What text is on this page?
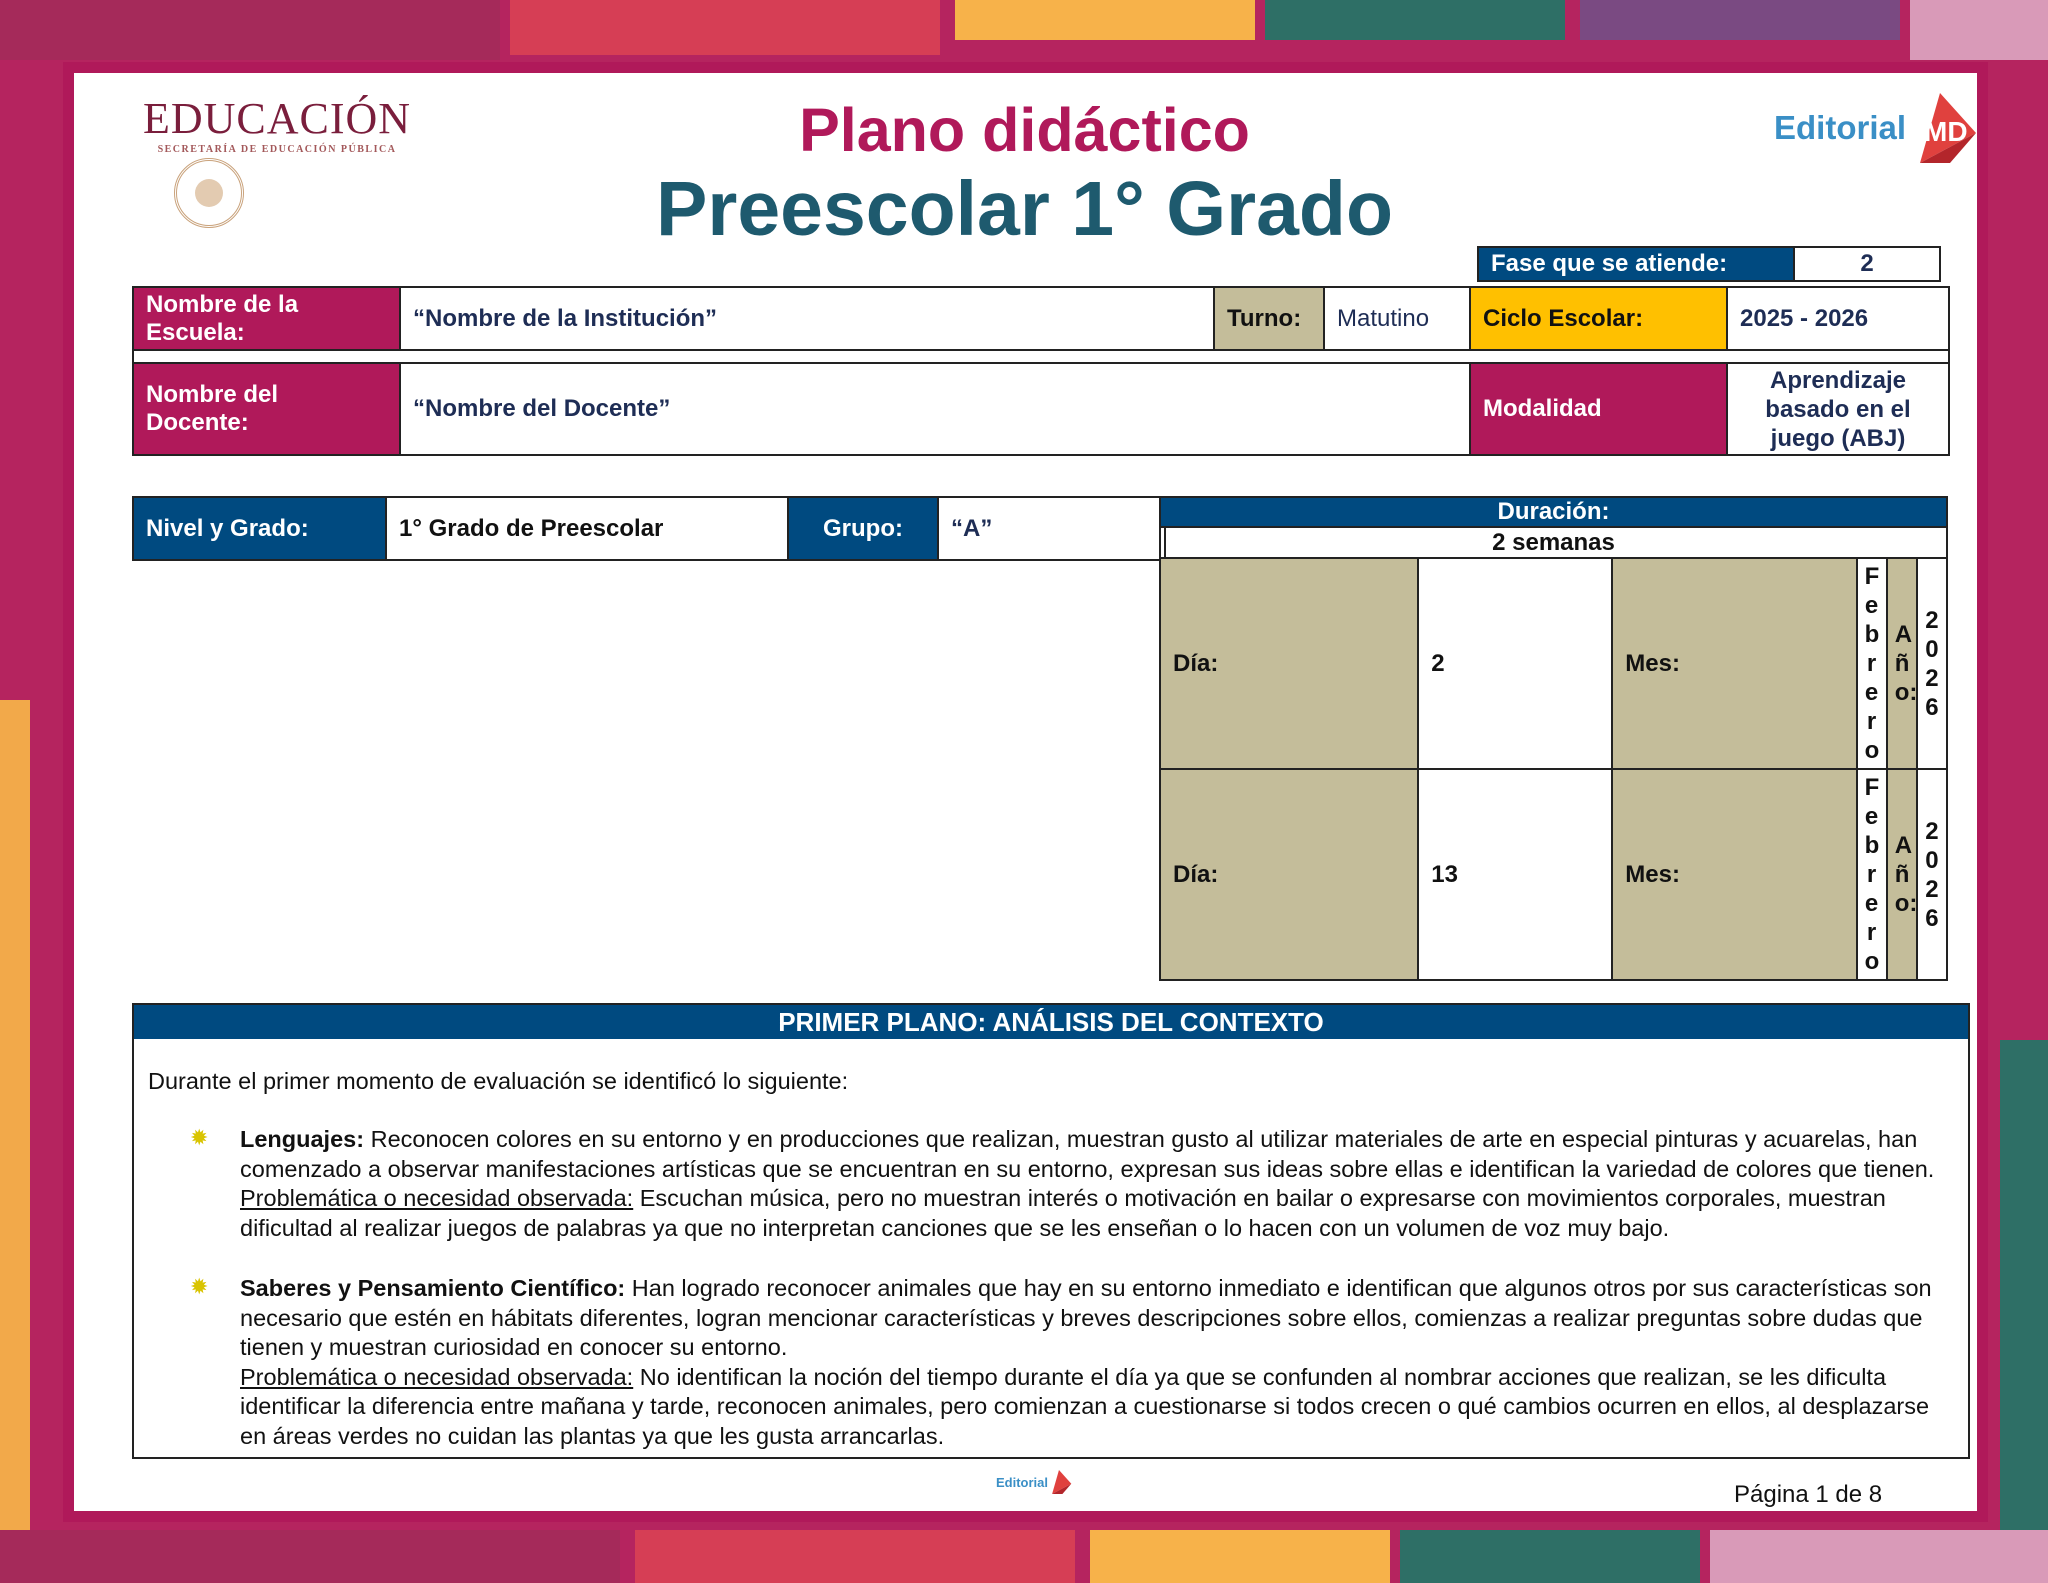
EDUCACIÓN
SECRETARÍA DE EDUCACIÓN PÚBLICA	Plano didáctico
Preescolar 1° Grado
Editorial MD
Fase que se atiende:	2
Nombre de la Escuela:	“Nombre de la Institución”	Turno:	Matutino	Ciclo Escolar:	2025 - 2026

Nombre del Docente:	“Nombre del Docente”			Modalidad	Aprendizaje basado en el juego (ABJ)
Nivel y Grado:	1° Grado de Preescolar	Grupo:	“A”
Duración:					
2 semanas					
Día:	2	Mes:	Febrero	Año:	2026

Día:	13	Mes:	Febrero	Año:	2026
PRIMER PLANO: ANÁLISIS DEL CONTEXTO
Durante el primer momento de evaluación se identificó lo siguiente:
✹ Lenguajes: Reconocen colores en su entorno y en producciones que realizan, muestran gusto al utilizar materiales de arte en especial pinturas y acuarelas, han comenzado a observar manifestaciones artísticas que se encuentran en su entorno, expresan sus ideas sobre ellas e identifican la variedad de colores que tienen.
Problemática o necesidad observada: Escuchan música, pero no muestran interés o motivación en bailar o expresarse con movimientos corporales, muestran dificultad al realizar juegos de palabras ya que no interpretan canciones que se les enseñan o lo hacen con un volumen de voz muy bajo.
✹ Saberes y Pensamiento Científico: Han logrado reconocer animales que hay en su entorno inmediato e identifican que algunos otros por sus características son necesario que estén en hábitats diferentes, logran mencionar características y breves descripciones sobre ellos, comienzas a realizar preguntas sobre dudas que tienen y muestran curiosidad en conocer su entorno.
Problemática o necesidad observada: No identifican la noción del tiempo durante el día ya que se confunden al nombrar acciones que realizan, se les dificulta identificar la diferencia entre mañana y tarde, reconocen animales, pero comienzan a cuestionarse si todos crecen o qué cambios ocurren en ellos, al desplazarse en áreas verdes no cuidan las plantas ya que les gusta arrancarlas.
Editorial	Página 1 de 8
